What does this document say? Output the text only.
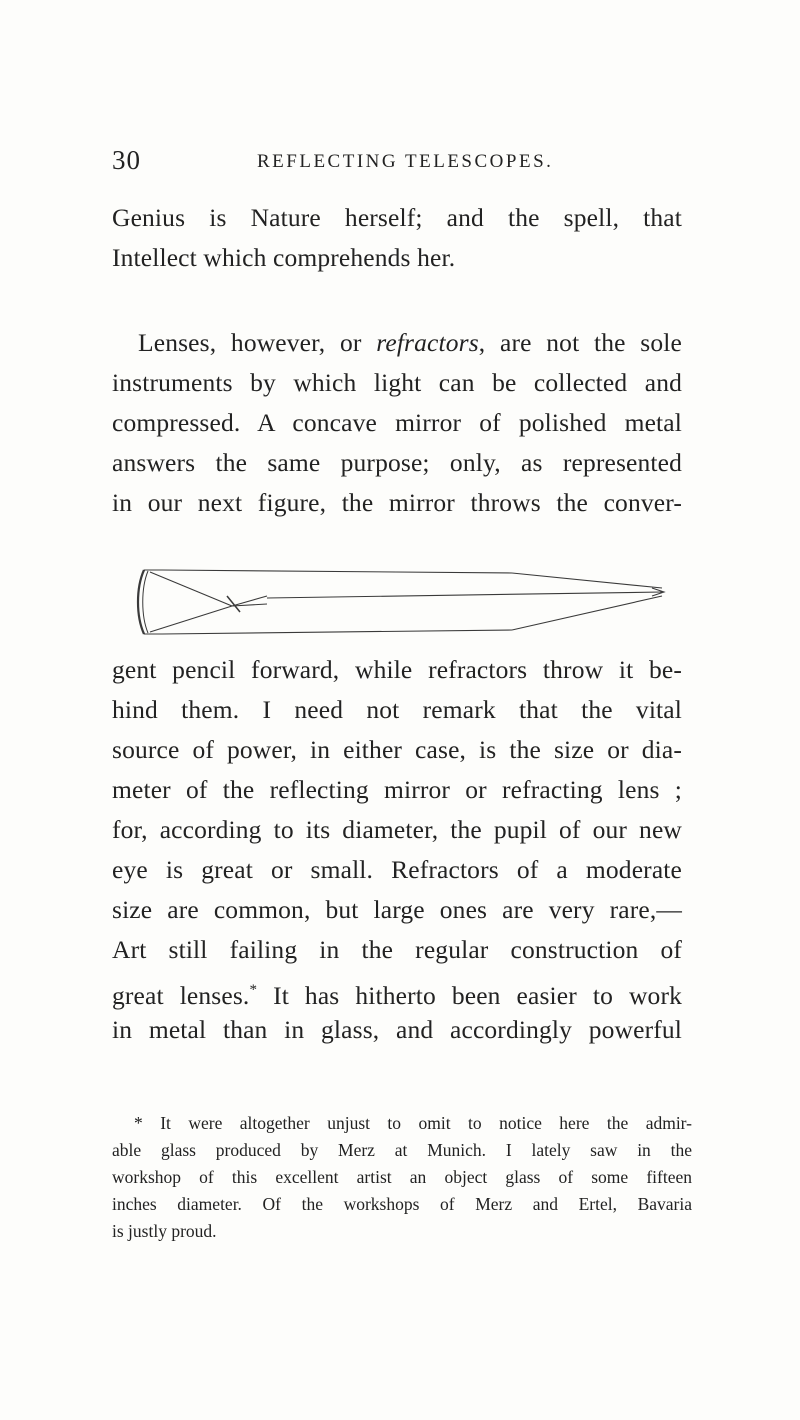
30	REFLECTING TELESCOPES.
Genius is Nature herself; and the spell, that
Intellect which comprehends her.
Lenses, however, or refractors, are not the sole
instruments by which light can be collected and
compressed. A concave mirror of polished metal
answers the same purpose; only, as represented
in our next figure, the mirror throws the conver-
gent pencil forward, while refractors throw it be-
hind them. I need not remark that the vital
source of power, in either case, is the size or dia-
meter of the reflecting mirror or refracting lens ;
for, according to its diameter, the pupil of our new
eye is great or small. Refractors of a moderate
size are common, but large ones are very rare,—
Art still failing in the regular construction of
great lenses.* It has hitherto been easier to work
in metal than in glass, and accordingly powerful
* It were altogether unjust to omit to notice here the admir-
able glass produced by Merz at Munich. I lately saw in the
workshop of this excellent artist an object glass of some fifteen
inches diameter. Of the workshops of Merz and Ertel, Bavaria
is justly proud.
